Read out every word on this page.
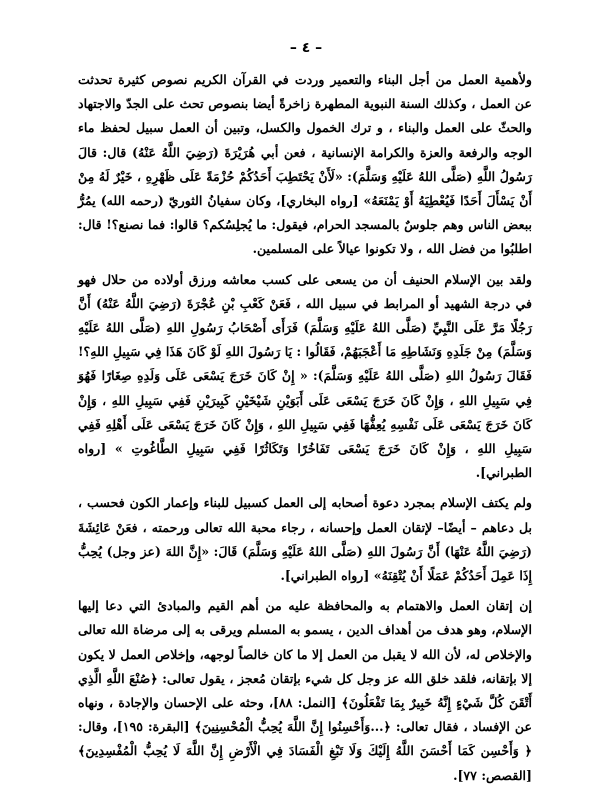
– ٤ –

ولأهمية العمل من أجل البناء والتعمير وردت في القرآن الكريم نصوص كثيرة تحدثت عن العمل ، وكذلك السنة النبوية المطهرة زاخرةً أيضا بنصوص تحث على الجدّ والاجتهاد والحثّ على العمل والبناء ، و ترك الخمول والكسل، وتبين أن العمل سبيل لحفظ ماء الوجه والرفعة والعزة والكرامة الإنسانية ، فعن أبي هُرَيْرَةَ (رَضِيَ اللَّهُ عَنْهُ) قال: قالَ رَسُولُ اللَّهِ (صَلَّى اللهُ عَلَيْهِ وَسَلَّمَ): «لَأَنْ يَحْتَطِبَ أَحَدُكُمْ حُزْمَةً عَلَى ظَهْرِهِ ، خَيْرٌ لَهُ مِنْ أَنْ يَسْأَلَ أَحَدًا فَيُعْطِيَهُ أَوْ يَمْنَعَهُ» [رواه البخاري]، وكان سفيانُ الثوريّ (رحمه الله) يمُرُّ ببعض الناس وهم جلوسٌ بالمسجد الحرام، فيقول: ما يُجلِسُكم؟ قالوا: فما نصنع؟! قال: اطلبُوا من فضل الله ، ولا تكونوا عيالاً على المسلمين.

ولقد بين الإسلام الحنيف أن من يسعى على كسب معاشه ورزق أولاده من حلال فهو في درجة الشهيد أو المرابط في سبيل الله ، فَعَنْ كَعْبِ بْنِ عُجْرَةَ (رَضِيَ اللَّهُ عَنْهُ) أَنَّ رَجُلًا مَرَّ عَلَى النَّبِيِّ (صَلَّى اللهُ عَلَيْهِ وَسَلَّمَ) فَرَأَى أَصْحَابُ رَسُولِ اللهِ (صَلَّى اللهُ عَلَيْهِ وَسَلَّمَ) مِنْ جَلَدِهِ وَنَشَاطِهِ مَا أَعْجَبَهُمْ، فَقَالُوا : يَا رَسُولَ اللهِ لَوْ كَانَ هَذَا فِي سَبِيلِ اللهِ؟! فَقَالَ رَسُولُ اللهِ (صَلَّى اللهُ عَلَيْهِ وَسَلَّمَ): « إِنْ كَانَ خَرَجَ يَسْعَى عَلَى وَلَدِهِ صِغَارًا فَهُوَ فِي سَبِيلِ اللهِ ، وَإِنْ كَانَ خَرَجَ يَسْعَى عَلَى أَبَوَيْنِ شَيْخَيْنِ كَبِيرَيْنِ فَفِي سَبِيلِ اللهِ ، وَإِنْ كَانَ خَرَجَ يَسْعَى عَلَى نَفْسِهِ يُعِفُّهَا فَفِي سَبِيلِ اللهِ ، وَإِنْ كَانَ خَرَجَ يَسْعَى عَلَى أَهْلِهِ فَفِي سَبِيلِ اللهِ ، وَإِنْ كَانَ خَرَجَ يَسْعَى تَفَاخُرًا وَتَكَاثُرًا فَفِي سَبِيلِ الطَّاغُوتِ » [رواه الطبراني].

ولم يكتف الإسلام بمجرد دعوة أصحابه إلى العمل كسبيل للبناء وإعمار الكون فحسب ، بل دعاهم – أيضًا– لإتقان العمل وإحسانه ، رجاء محبة الله تعالى ورحمته ، فعَنْ عَائِشَةَ (رَضِيَ اللَّهُ عَنْهَا) أَنَّ رَسُولَ اللهِ (صَلَّى اللهُ عَلَيْهِ وَسَلَّمَ) قَالَ: «إِنَّ اللهَ (عز وجل) يُحِبُّ إِذَا عَمِلَ أَحَدُكُمْ عَمَلًا أَنْ يُتْقِنَهُ» [رواه الطبراني].

إن إتقان العمل والاهتمام به والمحافظة عليه من أهم القيم والمبادئ التي دعا إليها الإسلام، وهو هدف من أهداف الدين ، يسمو به المسلم ويرقى به إلى مرضاة الله تعالى والإخلاص له، لأن الله لا يقبل من العمل إلا ما كان خالصاً لوجهه، وإخلاص العمل لا يكون إلا بإتقانه، فلقد خلق الله عز وجل كل شيء بإتقان مُعجز ، يقول تعالى: ﴿صُنْعَ اللَّهِ الَّذِي أَتْقَنَ كُلَّ شَيْءٍ إِنَّهُ خَبِيرٌ بِمَا تَفْعَلُونَ﴾ [النمل: ٨٨]، وحثه على الإحسان والإجادة ، ونهاه عن الإفساد ، فقال تعالى: ﴿...وَأَحْسِنُوا إِنَّ اللَّهَ يُحِبُّ الْمُحْسِنِينَ﴾ [البقرة: ١٩٥]، وقال: ﴿ وَأَحْسِن كَمَا أَحْسَنَ اللَّهُ إِلَيْكَ وَلَا تَبْغِ الْفَسَادَ فِي الْأَرْضِ إِنَّ اللَّهَ لَا يُحِبُّ الْمُفْسِدِينَ﴾ [القصص: ٧٧].
